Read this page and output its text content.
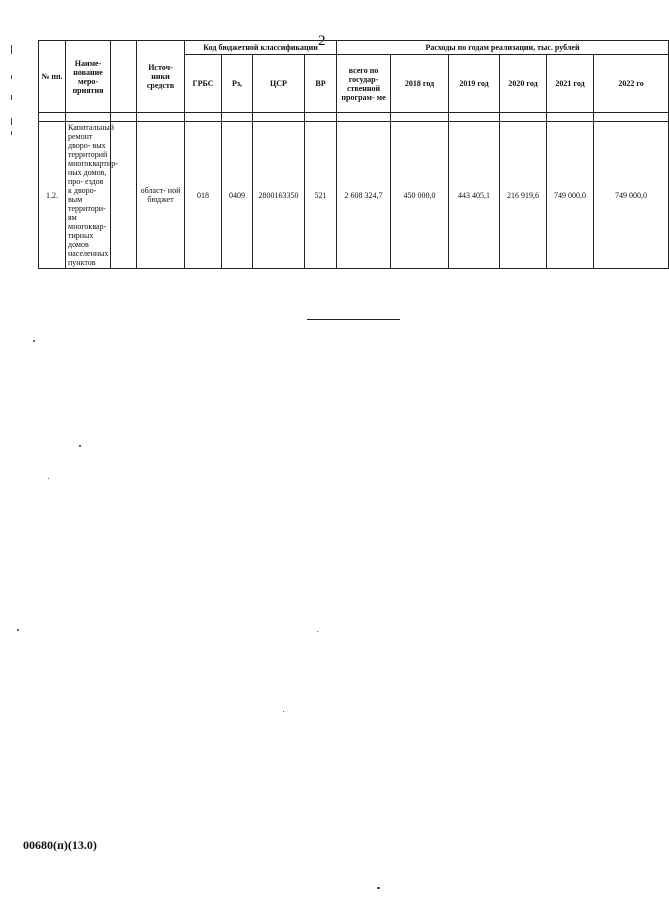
2
№ пп.	Наиме- нование меро- приятия		Источ- ники средств	Код бюджетной классификации				Расходы по годам реализации, тыс. рублей					
				ГРБС	Рз,	ЦСР	ВР	всего по государ- ственной програм- ме	2018 год	2019 год	2020 год	2021 год	2022 го

1.2.	Капитальный ремонт дворо- вых территорий многоквартир- ных домов, про- ездов к дворо- вым территори- ям многоквар- тирных домов населенных пунктов		област- ной бюджет	018	0409	2800163350	521	2 608 324,7	450 000,0	443 405,1	216 919,6	749 000,0	749 000,0
00680(п)(13.0)
